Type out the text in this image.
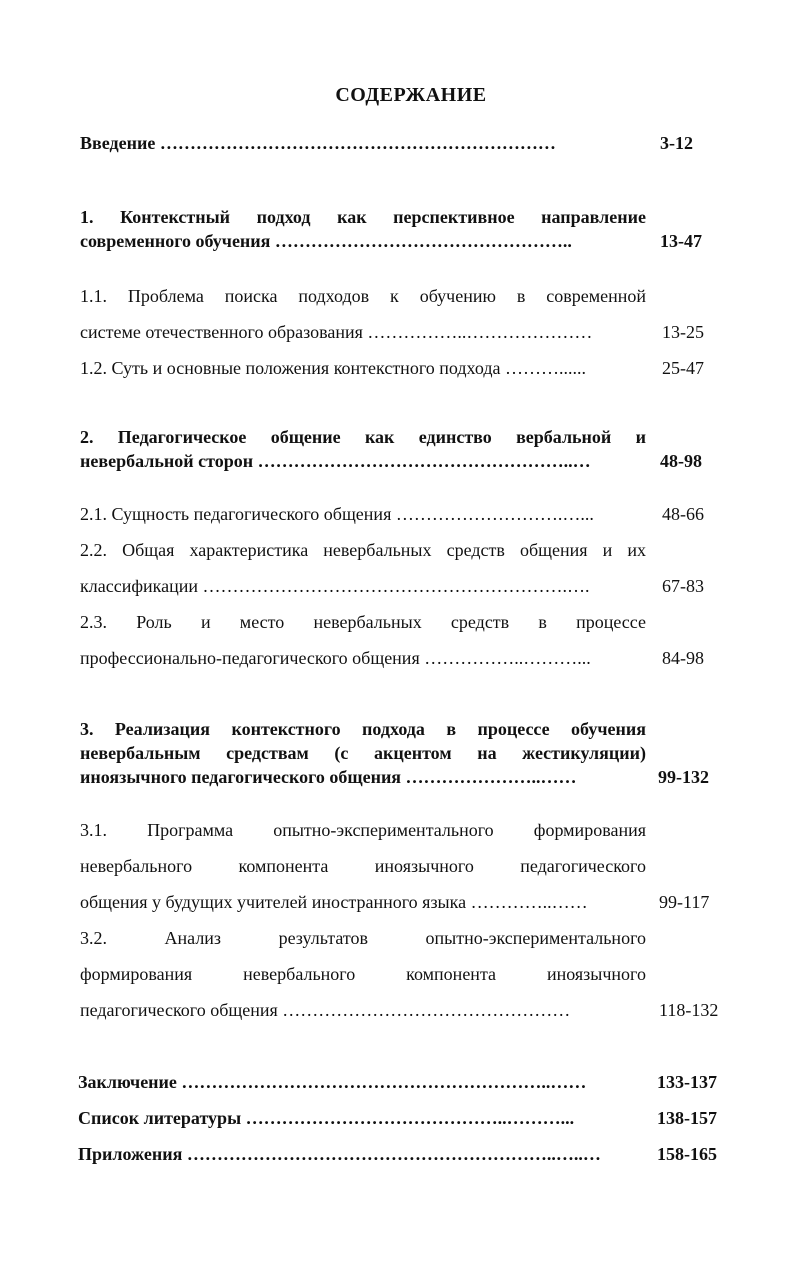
СОДЕРЖАНИЕ
Введение …………………………………………………………	3-12
1. Контекстный подход как перспективное направление
современного обучения …………………………………………..	13-47
1.1. Проблема поиска подходов к обучению в современной
системе отечественного образования ……………..…………………	13-25
1.2. Суть и основные положения контекстного подхода ………......	25-47
2. Педагогическое общение как единство вербальной и
невербальной сторон ……………………………………………..…	48-98
2.1. Сущность педагогического общения ……………………….…...	48-66
2.2. Общая характеристика невербальных средств общения и их
классификации …………………………………………………….….	67-83
2.3. Роль и место невербальных средств в процессе
профессионально-педагогического общения ……………..………...	84-98
3. Реализация контекстного подхода в процессе обучения
невербальным средствам (с акцентом на жестикуляции)
иноязычного педагогического общения …………………..……	99-132
3.1. Программа опытно-экспериментального формирования
невербального компонента иноязычного педагогического
общения у будущих учителей иностранного языка …………..……	99-117
3.2. Анализ результатов опытно-экспериментального
формирования невербального компонента иноязычного
педагогического общения …………………………………………	118-132
Заключение ……………………………………………………..……	133-137
Список литературы ……………………………………..………...	138-157
Приложения ……………………………………………………..…..…	158-165
